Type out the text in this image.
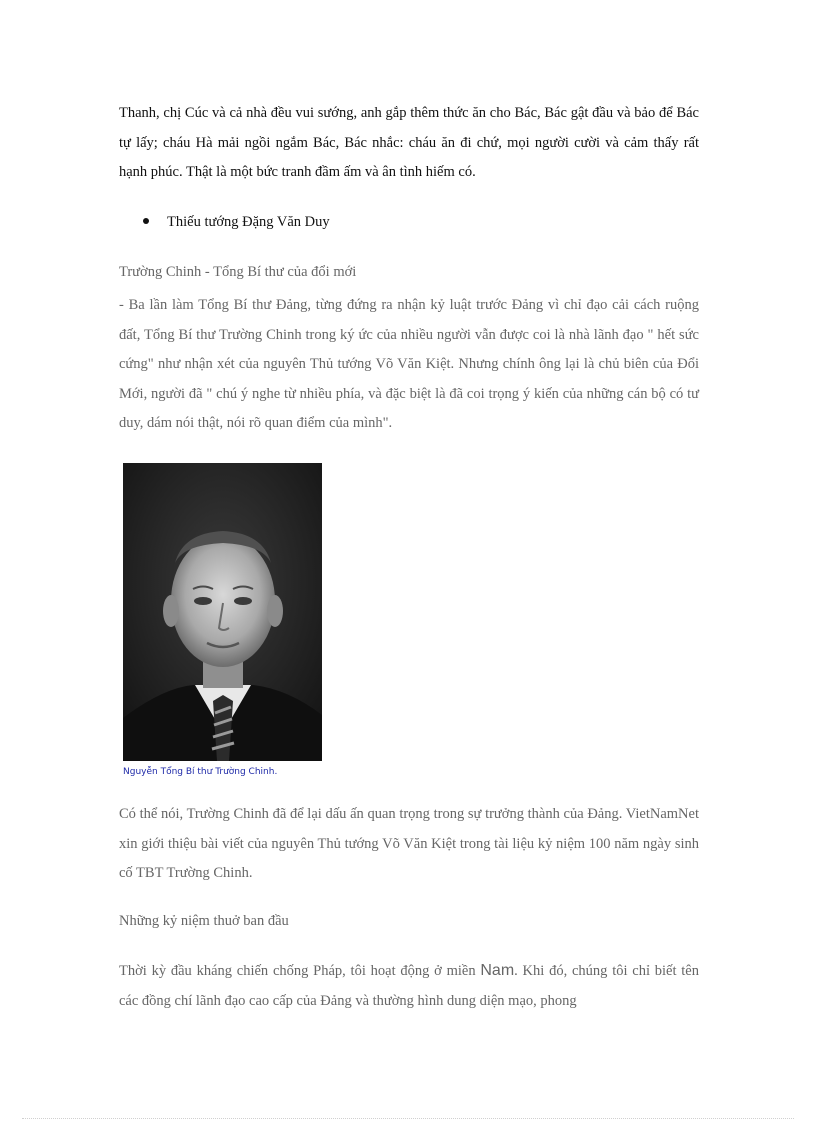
Thanh, chị Cúc và cả nhà đều vui sướng, anh gắp thêm thức ăn cho Bác, Bác gật đầu và bảo để Bác tự lấy; cháu Hà mải ngồi ngắm Bác, Bác nhắc: cháu ăn đi chứ, mọi người cười và cảm thấy rất hạnh phúc. Thật là một bức tranh đầm ấm và ân tình hiếm có.

Thiếu tướng Đặng Văn Duy

Trường Chinh - Tổng Bí thư của đổi mới

- Ba lần làm Tổng Bí thư Đảng, từng đứng ra nhận kỷ luật trước Đảng vì chỉ đạo cải cách ruộng đất, Tổng Bí thư Trường Chinh trong ký ức của nhiều người vẫn được coi là nhà lãnh đạo " hết sức cứng" như nhận xét của nguyên Thủ tướng Võ Văn Kiệt. Nhưng chính ông lại là chủ biên của Đổi Mới, người đã " chú ý nghe từ nhiều phía, và đặc biệt là đã coi trọng ý kiến của những cán bộ có tư duy, dám nói thật, nói rõ quan điểm của mình".

Nguyễn Tổng Bí thư Trường Chinh.

Có thể nói, Trường Chinh đã để lại dấu ấn quan trọng trong sự trưởng thành của Đảng. VietNamNet xin giới thiệu bài viết của nguyên Thủ tướng Võ Văn Kiệt trong tài liệu kỷ niệm 100 năm ngày sinh cố TBT Trường Chinh.

Những kỷ niệm thuở ban đầu

Thời kỳ đầu kháng chiến chống Pháp, tôi hoạt động ở miền Nam. Khi đó, chúng tôi chỉ biết tên các đồng chí lãnh đạo cao cấp của Đảng và thường hình dung diện mạo, phong
